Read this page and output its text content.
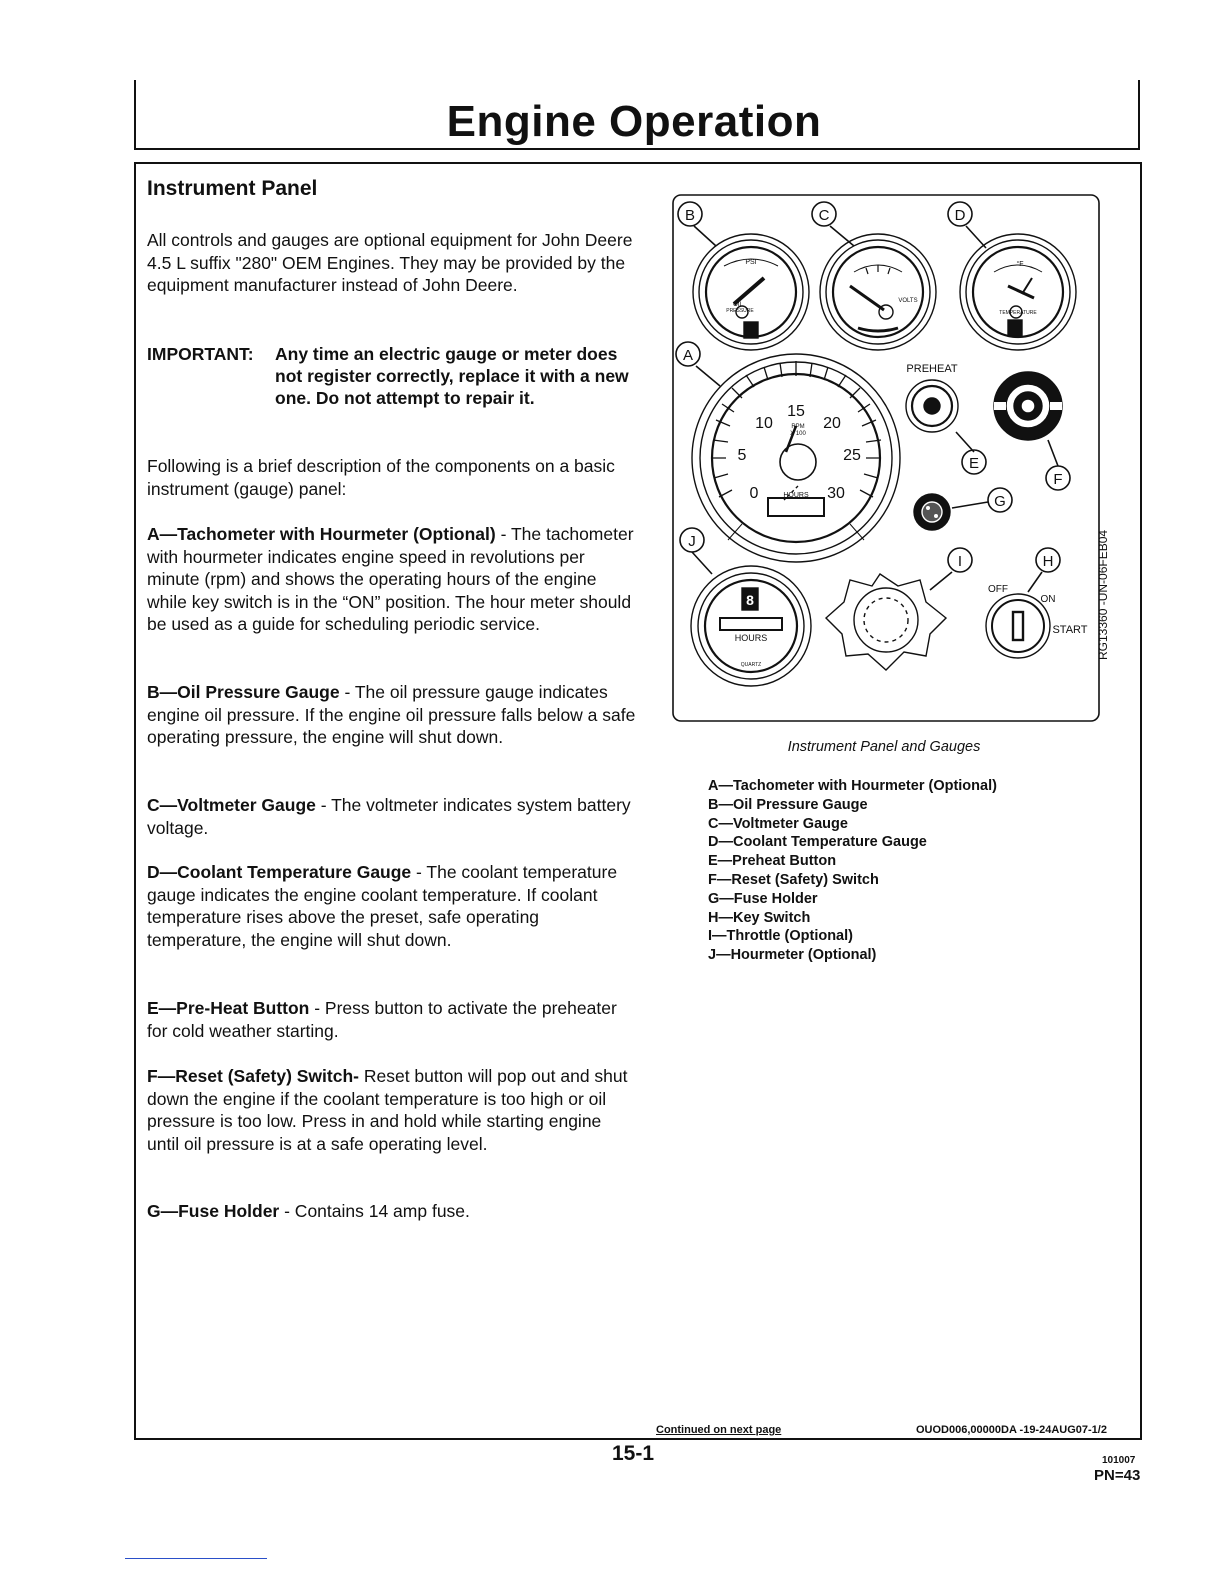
Engine Operation
Instrument Panel
All controls and gauges are optional equipment for John Deere 4.5 L suffix "280" OEM Engines. They may be provided by the equipment manufacturer instead of John Deere.
IMPORTANT: Any time an electric gauge or meter does not register correctly, replace it with a new one. Do not attempt to repair it.
Following is a brief description of the components on a basic instrument (gauge) panel:
A—Tachometer with Hourmeter (Optional) - The tachometer with hourmeter indicates engine speed in revolutions per minute (rpm) and shows the operating hours of the engine while key switch is in the “ON” position. The hour meter should be used as a guide for scheduling periodic service.
B—Oil Pressure Gauge - The oil pressure gauge indicates engine oil pressure. If the engine oil pressure falls below a safe operating pressure, the engine will shut down.
C—Voltmeter Gauge - The voltmeter indicates system battery voltage.
D—Coolant Temperature Gauge - The coolant temperature gauge indicates the engine coolant temperature. If coolant temperature rises above the preset, safe operating temperature, the engine will shut down.
E—Pre-Heat Button - Press button to activate the preheater for cold weather starting.
F—Reset (Safety) Switch- Reset button will pop out and shut down the engine if the coolant temperature is too high or oil pressure is too low. Press in and hold while starting engine until oil pressure is at a safe operating level.
G—Fuse Holder - Contains 14 amp fuse.
PSI
OIL
PRESSURE
VOLTS
°F
TEMPERATURE
15
10	20
5	25
0	30
RPM
X 100
HOURS
PREHEAT
8
HOURS
QUARTZ
OFF
ON
START
B	C	D
A
E
F
G
J
I	H	RG13360 -UN-06FEB04
Instrument Panel and Gauges
A—Tachometer with Hourmeter (Optional)
B—Oil Pressure Gauge
C—Voltmeter Gauge
D—Coolant Temperature Gauge
E—Preheat Button
F—Reset (Safety) Switch
G—Fuse Holder
H—Key Switch
I—Throttle (Optional)
J—Hourmeter (Optional)
Continued on next page	OUOD006,00000DA -19-24AUG07-1/2
15-1	101007
PN=43
